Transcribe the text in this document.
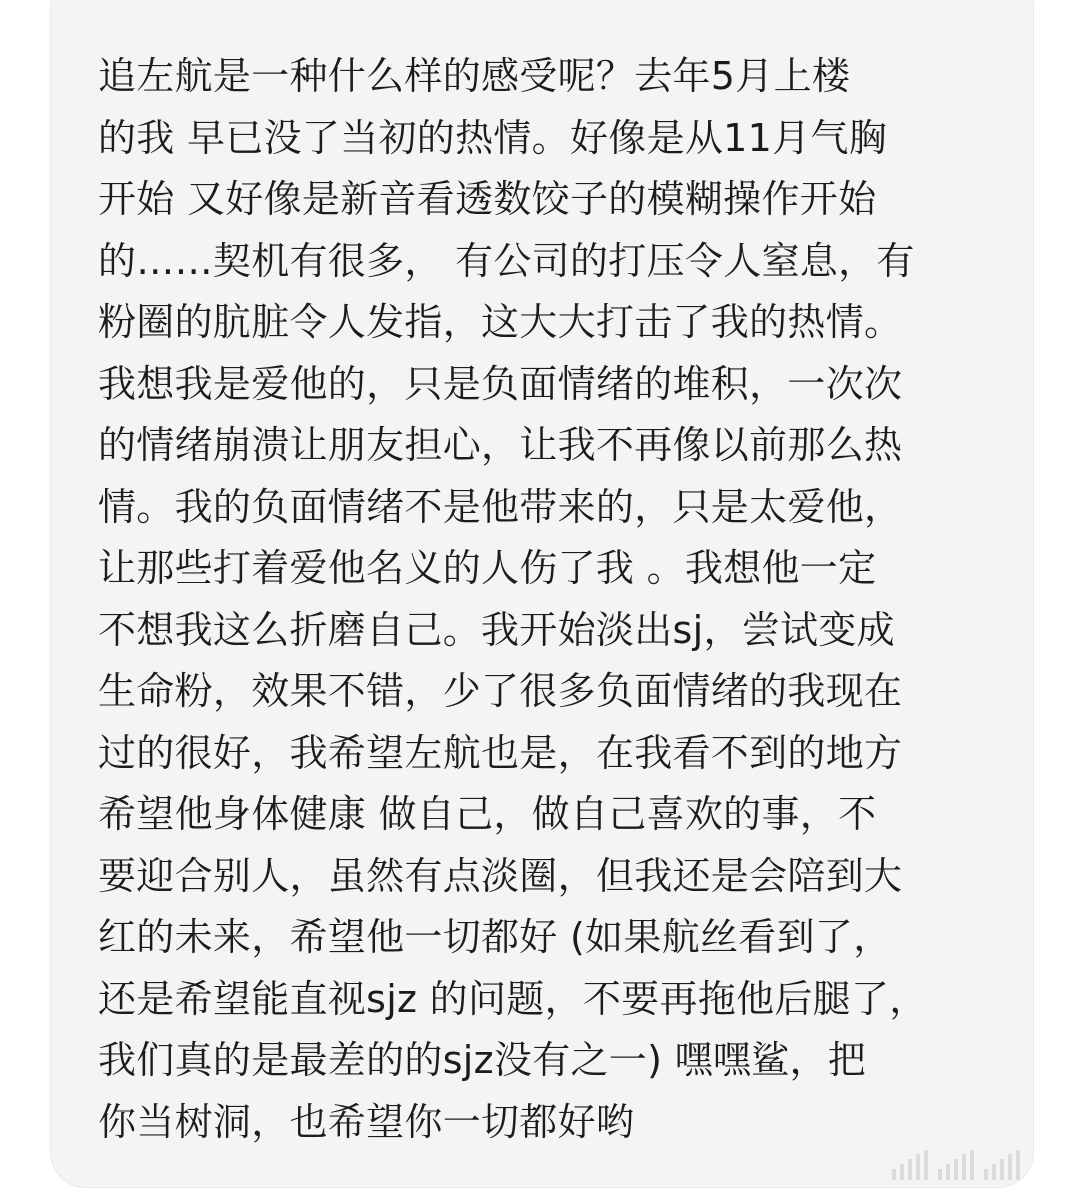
追左航是一种什么样的感受呢？去年5月上楼
的我 早已没了当初的热情。好像是从11月气胸
开始 又好像是新音看透数饺子的模糊操作开始
的……契机有很多， 有公司的打压令人窒息，有
粉圈的肮脏令人发指，这大大打击了我的热情。
我想我是爱他的，只是负面情绪的堆积，一次次
的情绪崩溃让朋友担心，让我不再像以前那么热
情。我的负面情绪不是他带来的，只是太爱他，
让那些打着爱他名义的人伤了我 。我想他一定
不想我这么折磨自己。我开始淡出sj，尝试变成
生命粉，效果不错，少了很多负面情绪的我现在
过的很好，我希望左航也是，在我看不到的地方
希望他身体健康 做自己，做自己喜欢的事，不
要迎合别人，虽然有点淡圈，但我还是会陪到大
红的未来，希望他一切都好 (如果航丝看到了，
还是希望能直视sjz 的问题，不要再拖他后腿了，
我们真的是最差的的sjz没有之一) 嘿嘿鲨，把
你当树洞，也希望你一切都好哟
